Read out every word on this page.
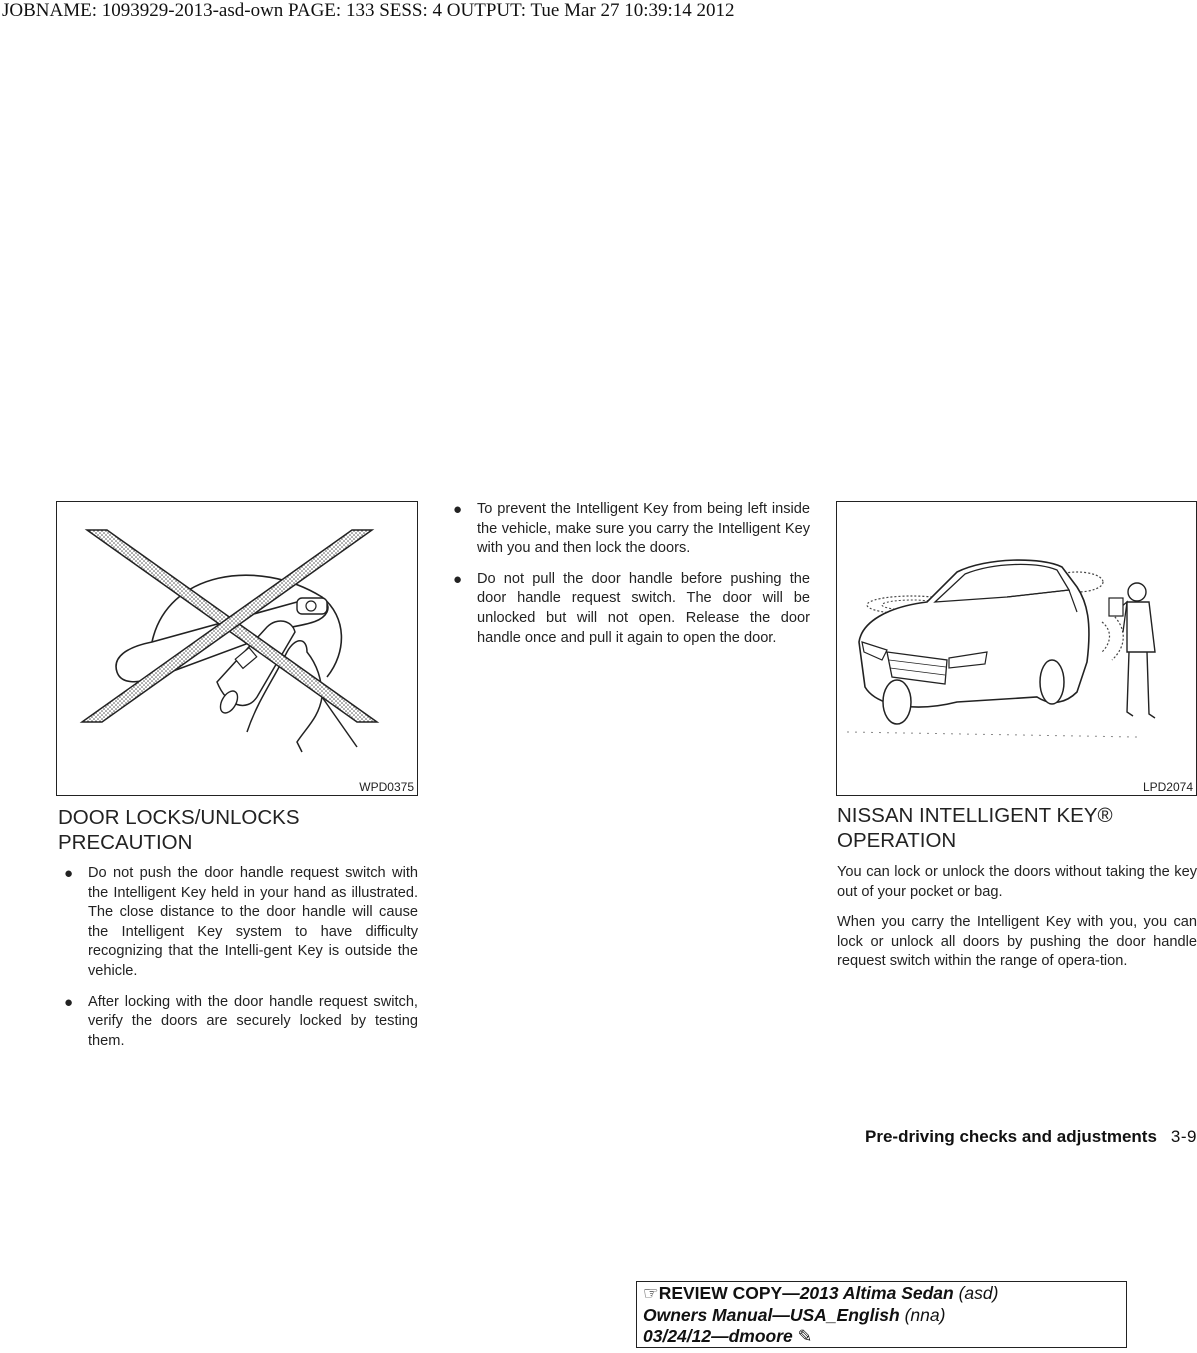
JOBNAME: 1093929-2013-asd-own PAGE: 133 SESS: 4 OUTPUT: Tue Mar 27 10:39:14 2012
WPD0375
DOOR LOCKS/UNLOCKS
PRECAUTION
● Do not push the door handle request switch with the Intelligent Key held in your hand as illustrated. The close distance to the door handle will cause the Intelligent Key system to have difficulty recognizing that the Intelli-gent Key is outside the vehicle.
● After locking with the door handle request switch, verify the doors are securely locked by testing them.
● To prevent the Intelligent Key from being left inside the vehicle, make sure you carry the Intelligent Key with you and then lock the doors.
● Do not pull the door handle before pushing the door handle request switch. The door will be unlocked but will not open. Release the door handle once and pull it again to open the door.
LPD2074
NISSAN INTELLIGENT KEY®
OPERATION

You can lock or unlock the doors without taking the key out of your pocket or bag.

When you carry the Intelligent Key with you, you can lock or unlock all doors by pushing the door handle request switch within the range of opera-tion.

Pre-driving checks and adjustments 3-9
☞REVIEW COPY—2013 Altima Sedan (asd)
Owners Manual—USA_English (nna)
03/24/12—dmoore ✎
